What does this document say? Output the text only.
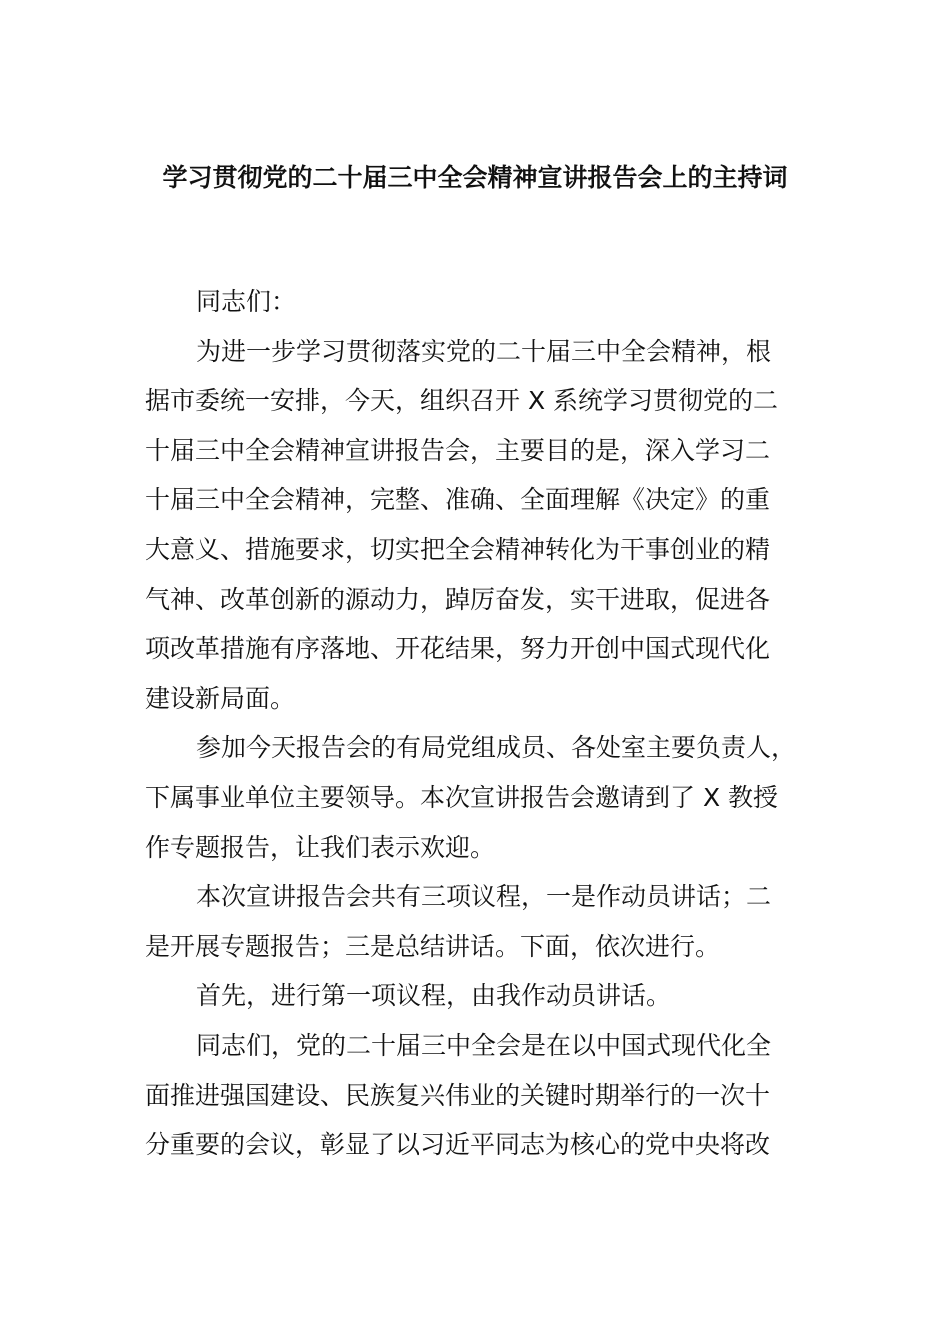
学习贯彻党的二十届三中全会精神宣讲报告会上的主持词
同志们：
为进一步学习贯彻落实党的二十届三中全会精神，根
据市委统一安排，今天，组织召开 X 系统学习贯彻党的二
十届三中全会精神宣讲报告会，主要目的是，深入学习二
十届三中全会精神，完整、准确、全面理解《决定》的重
大意义、措施要求，切实把全会精神转化为干事创业的精
气神、改革创新的源动力，踔厉奋发，实干进取，促进各
项改革措施有序落地、开花结果，努力开创中国式现代化
建设新局面。
参加今天报告会的有局党组成员、各处室主要负责人，
下属事业单位主要领导。本次宣讲报告会邀请到了 X 教授
作专题报告，让我们表示欢迎。
本次宣讲报告会共有三项议程，一是作动员讲话；二
是开展专题报告；三是总结讲话。下面，依次进行。
首先，进行第一项议程，由我作动员讲话。
同志们，党的二十届三中全会是在以中国式现代化全
面推进强国建设、民族复兴伟业的关键时期举行的一次十
分重要的会议，彰显了以习近平同志为核心的党中央将改
